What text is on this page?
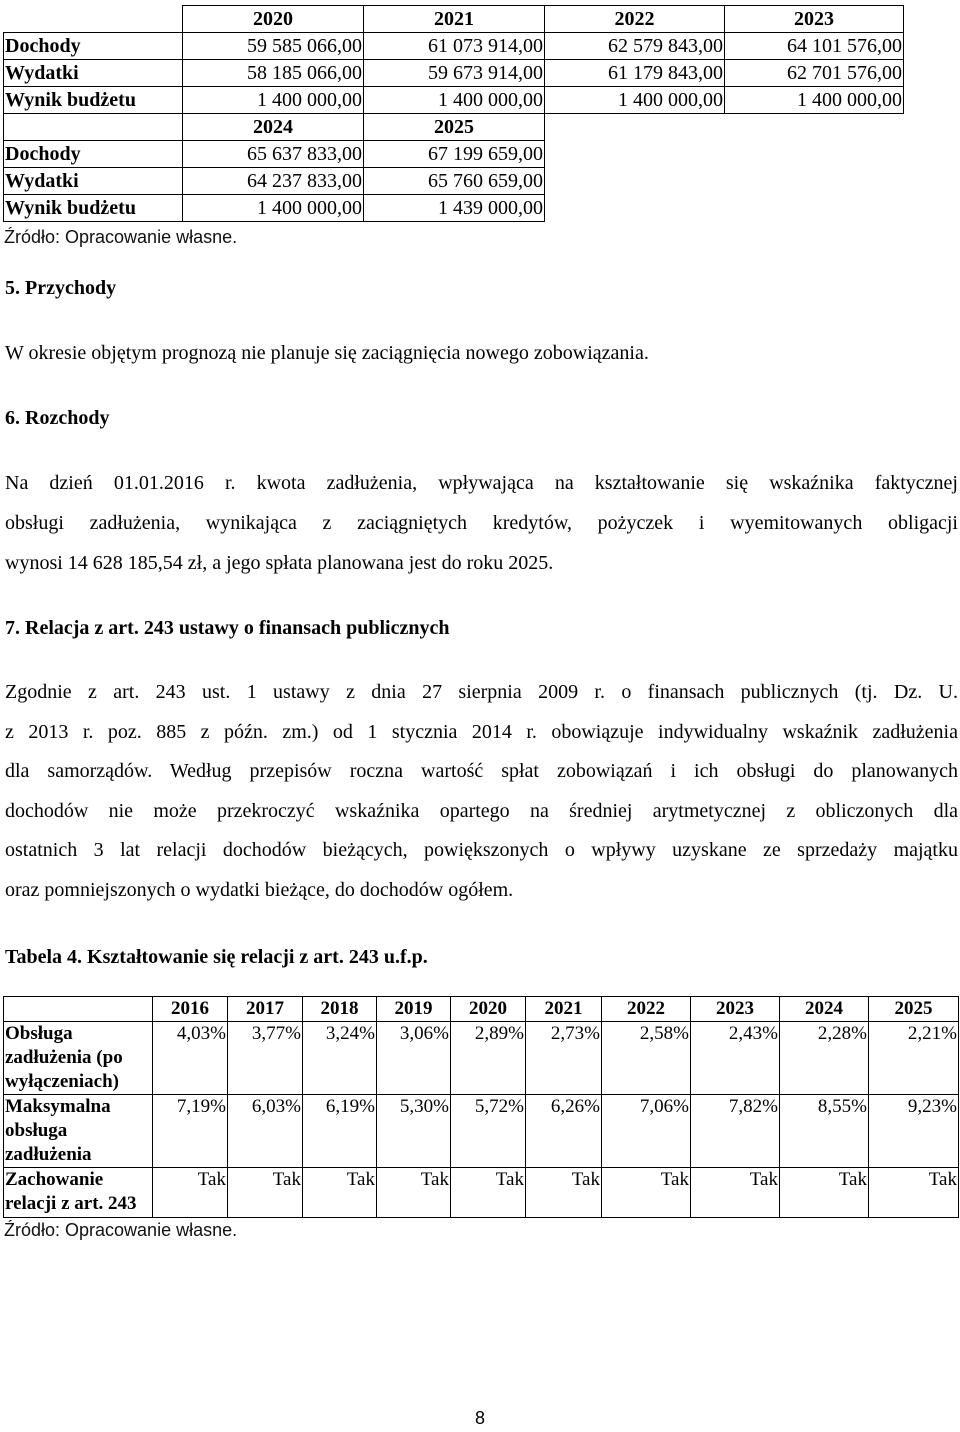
	2020	2021	2022	2023
Dochody	59 585 066,00	61 073 914,00	62 579 843,00	64 101 576,00
Wydatki	58 185 066,00	59 673 914,00	61 179 843,00	62 701 576,00
Wynik budżetu	1 400 000,00	1 400 000,00	1 400 000,00	1 400 000,00
	2024	2025
Dochody	65 637 833,00	67 199 659,00
Wydatki	64 237 833,00	65 760 659,00
Wynik budżetu	1 400 000,00	1 439 000,00
Źródło: Opracowanie własne.
5. Przychody
W okresie objętym prognozą nie planuje się zaciągnięcia nowego zobowiązania.
6. Rozchody
Na dzień 01.01.2016 r. kwota zadłużenia, wpływająca na kształtowanie się wskaźnika faktycznej
obsługi zadłużenia, wynikająca z zaciągniętych kredytów, pożyczek i wyemitowanych obligacji
wynosi 14 628 185,54 zł, a jego spłata planowana jest do roku 2025.
7. Relacja z art. 243 ustawy o finansach publicznych
Zgodnie z art. 243 ust. 1 ustawy z dnia 27 sierpnia 2009 r. o finansach publicznych (tj. Dz. U.
z 2013 r. poz. 885 z późn. zm.) od 1 stycznia 2014 r. obowiązuje indywidualny wskaźnik zadłużenia
dla samorządów. Według przepisów roczna wartość spłat zobowiązań i ich obsługi do planowanych
dochodów nie może przekroczyć wskaźnika opartego na średniej arytmetycznej z obliczonych dla
ostatnich 3 lat relacji dochodów bieżących, powiększonych o wpływy uzyskane ze sprzedaży majątku
oraz pomniejszonych o wydatki bieżące, do dochodów ogółem.
Tabela 4. Kształtowanie się relacji z art. 243 u.f.p.
	2016	2017	2018	2019	2020	2021	2022	2023	2024	2025
Obsługa zadłużenia (po wyłączeniach)	4,03%	3,77%	3,24%	3,06%	2,89%	2,73%	2,58%	2,43%	2,28%	2,21%
Maksymalna obsługa zadłużenia	7,19%	6,03%	6,19%	5,30%	5,72%	6,26%	7,06%	7,82%	8,55%	9,23%
Zachowanie relacji z art. 243	Tak	Tak	Tak	Tak	Tak	Tak	Tak	Tak	Tak	Tak
Źródło: Opracowanie własne.
8
